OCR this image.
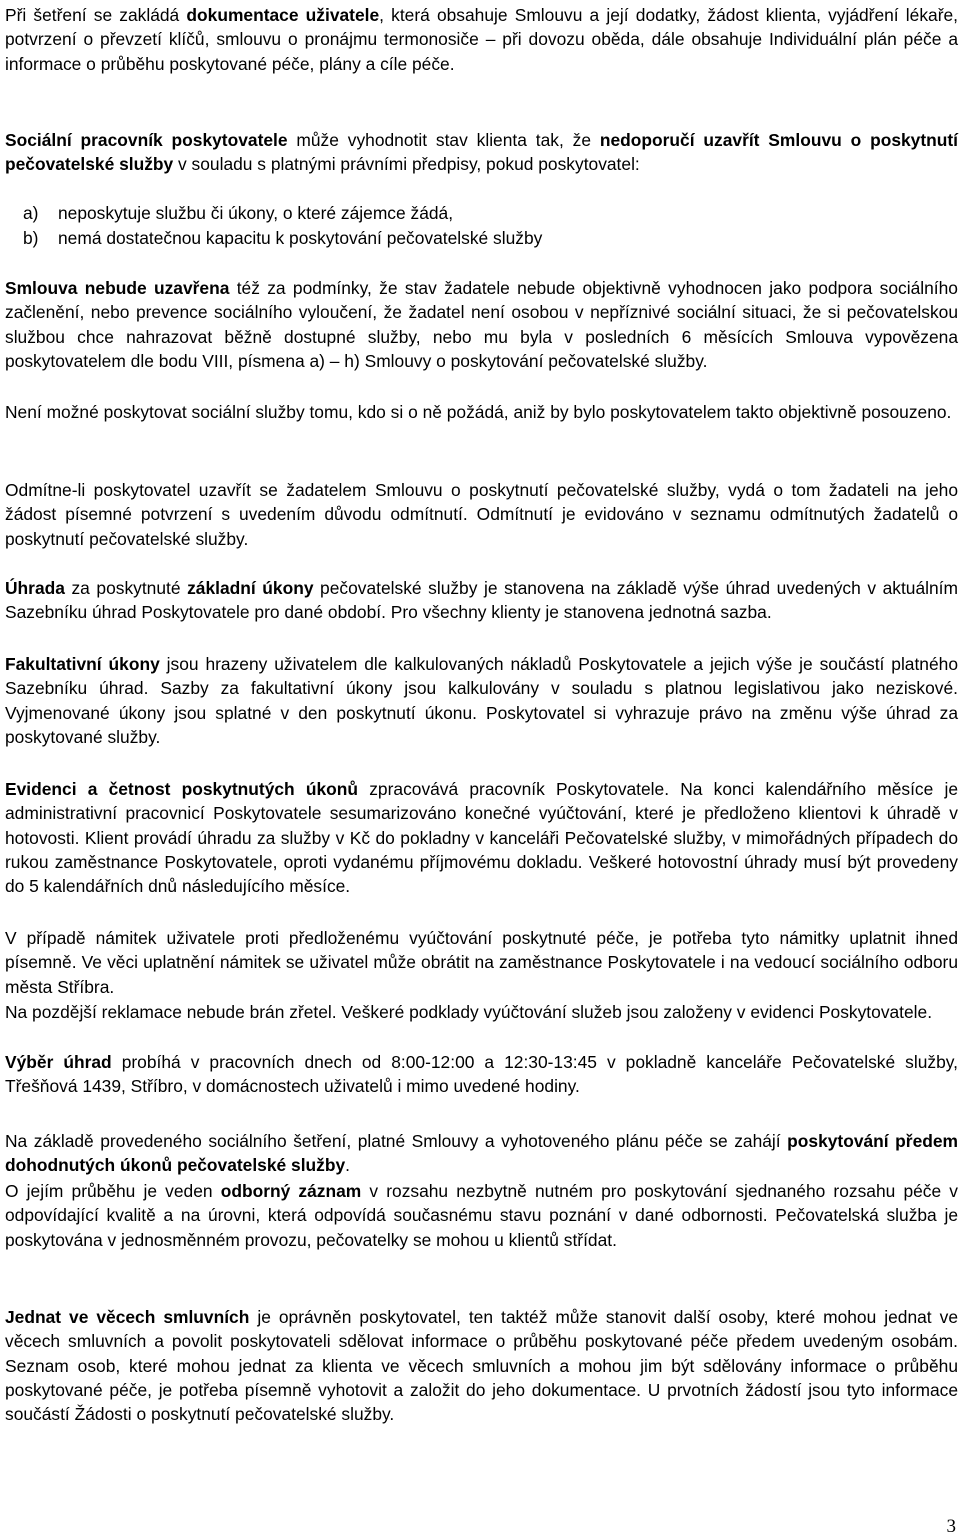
Při šetření se zakládá dokumentace uživatele, která obsahuje Smlouvu a její dodatky, žádost klienta, vyjádření lékaře, potvrzení o převzetí klíčů, smlouvu o pronájmu termonosiče – při dovozu oběda, dále obsahuje Individuální plán péče a informace o průběhu poskytované péče, plány a cíle péče.

Sociální pracovník poskytovatele může vyhodnotit stav klienta tak, že nedoporučí uzavřít Smlouvu o poskytnutí pečovatelské služby v souladu s platnými právními předpisy, pokud poskytovatel:

a) neposkytuje službu či úkony, o které zájemce žádá,
b) nemá dostatečnou kapacitu k poskytování pečovatelské služby

Smlouva nebude uzavřena též za podmínky, že stav žadatele nebude objektivně vyhodnocen jako podpora sociálního začlenění, nebo prevence sociálního vyloučení, že žadatel není osobou v nepříznivé sociální situaci, že si pečovatelskou službou chce nahrazovat běžně dostupné služby, nebo mu byla v posledních 6 měsících Smlouva vypovězena poskytovatelem dle bodu VIII, písmena a) – h) Smlouvy o poskytování pečovatelské služby.

Není možné poskytovat sociální služby tomu, kdo si o ně požádá, aniž by bylo poskytovatelem takto objektivně posouzeno.

Odmítne-li poskytovatel uzavřít se žadatelem Smlouvu o poskytnutí pečovatelské služby, vydá o tom žadateli na jeho žádost písemné potvrzení s uvedením důvodu odmítnutí. Odmítnutí je evidováno v seznamu odmítnutých žadatelů o poskytnutí pečovatelské služby.

Úhrada za poskytnuté základní úkony pečovatelské služby je stanovena na základě výše úhrad uvedených v aktuálním Sazebníku úhrad Poskytovatele pro dané období. Pro všechny klienty je stanovena jednotná sazba.

Fakultativní úkony jsou hrazeny uživatelem dle kalkulovaných nákladů Poskytovatele a jejich výše je součástí platného Sazebníku úhrad. Sazby za fakultativní úkony jsou kalkulovány v souladu s platnou legislativou jako neziskové. Vyjmenované úkony jsou splatné v den poskytnutí úkonu. Poskytovatel si vyhrazuje právo na změnu výše úhrad za poskytované služby.

Evidenci a četnost poskytnutých úkonů zpracovává pracovník Poskytovatele. Na konci kalendářního měsíce je administrativní pracovnicí Poskytovatele sesumarizováno konečné vyúčtování, které je předloženo klientovi k úhradě v hotovosti. Klient provádí úhradu za služby v Kč do pokladny v kanceláři Pečovatelské služby, v mimořádných případech do rukou zaměstnance Poskytovatele, oproti vydanému příjmovému dokladu. Veškeré hotovostní úhrady musí být provedeny do 5 kalendářních dnů následujícího měsíce.

V případě námitek uživatele proti předloženému vyúčtování poskytnuté péče, je potřeba tyto námitky uplatnit ihned písemně. Ve věci uplatnění námitek se uživatel může obrátit na zaměstnance Poskytovatele i na vedoucí sociálního odboru města Stříbra.

Na pozdější reklamace nebude brán zřetel. Veškeré podklady vyúčtování služeb jsou založeny v evidenci Poskytovatele.

Výběr úhrad probíhá v pracovních dnech od 8:00-12:00 a 12:30-13:45 v pokladně kanceláře Pečovatelské služby, Třešňová 1439, Stříbro, v domácnostech uživatelů i mimo uvedené hodiny.

Na základě provedeného sociálního šetření, platné Smlouvy a vyhotoveného plánu péče se zahájí poskytování předem dohodnutých úkonů pečovatelské služby.

O jejím průběhu je veden odborný záznam v rozsahu nezbytně nutném pro poskytování sjednaného rozsahu péče v odpovídající kvalitě a na úrovni, která odpovídá současnému stavu poznání v dané odbornosti. Pečovatelská služba je poskytována v jednosměnném provozu, pečovatelky se mohou u klientů střídat.

Jednat ve věcech smluvních je oprávněn poskytovatel, ten taktéž může stanovit další osoby, které mohou jednat ve věcech smluvních a povolit poskytovateli sdělovat informace o průběhu poskytované péče předem uvedeným osobám. Seznam osob, které mohou jednat za klienta ve věcech smluvních a mohou jim být sdělovány informace o průběhu poskytované péče, je potřeba písemně vyhotovit a založit do jeho dokumentace. U prvotních žádostí jsou tyto informace součástí Žádosti o poskytnutí pečovatelské služby.

3
